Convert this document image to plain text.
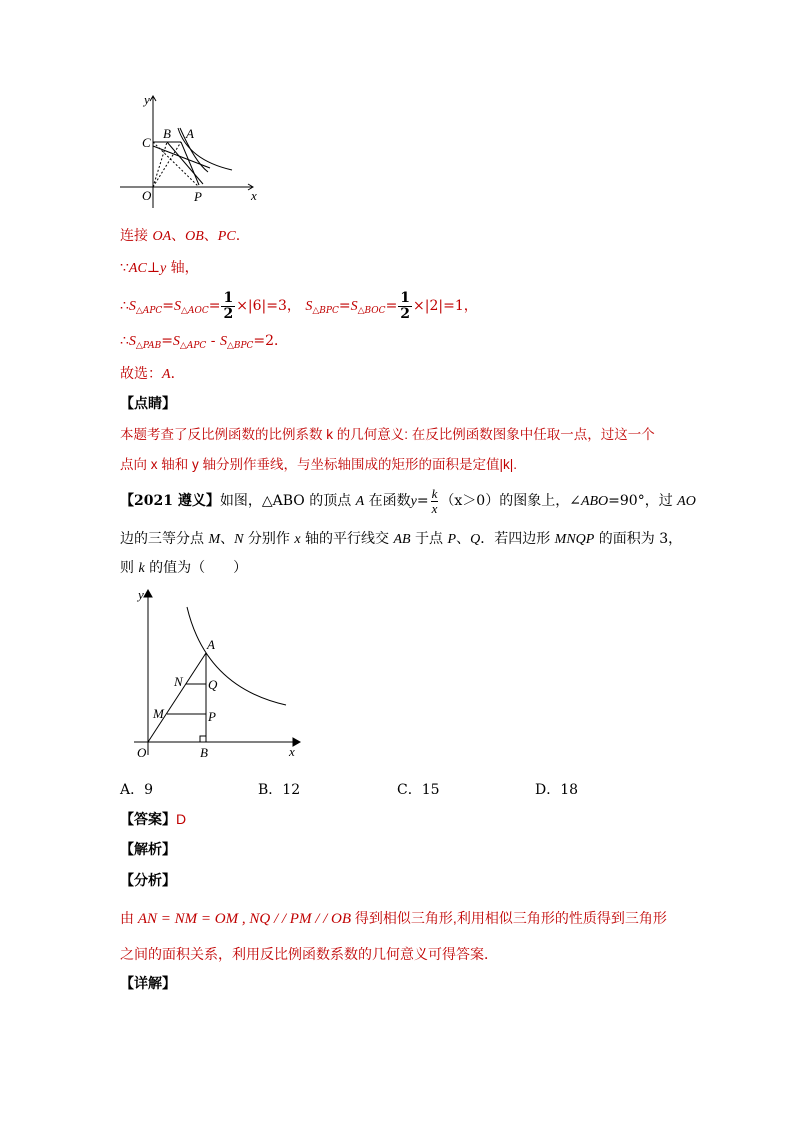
y
x
C
B A
O	P
连接 OA、OB、PC.
∵AC⊥y 轴，
$\therefore S_{\triangle APC}=S_{\triangle AOC}= \frac{1}{2} \times|6|=3$， $S_{\triangle BPC}=S_{\triangle BOC}= \frac{1}{2} \times|2|=1$，
$\therefore S_{\triangle PAB}=S_{\triangle APC} - S_{\triangle BPC}=2$．
故选：A．
【点睛】
本题考查了反比例函数的比例系数 k 的几何意义: 在反比例函数图象中任取一点，过这一个
点向 x 轴和 y 轴分别作垂线，与坐标轴围成的矩形的面积是定值|k|.
【2021 遵义】如图，△ABO 的顶点 A 在函数$y= \frac{k}{x} (x>0)$的图象上，∠ABO=90°，过 AO
边的三等分点 M、N 分别作 x 轴的平行线交 AB 于点 P、Q．若四边形 MNQP 的面积为 3，
则 k 的值为（　　）
y
x
A
N Q
M	P
O	B
A．9	B．12	C．15	D．18
【答案】D
【解析】
【分析】
由 AN = NM = OM , NQ / / PM / / OB 得到相似三角形,利用相似三角形的性质得到三角形
之间的面积关系，利用反比例函数系数的几何意义可得答案．
【详解】
